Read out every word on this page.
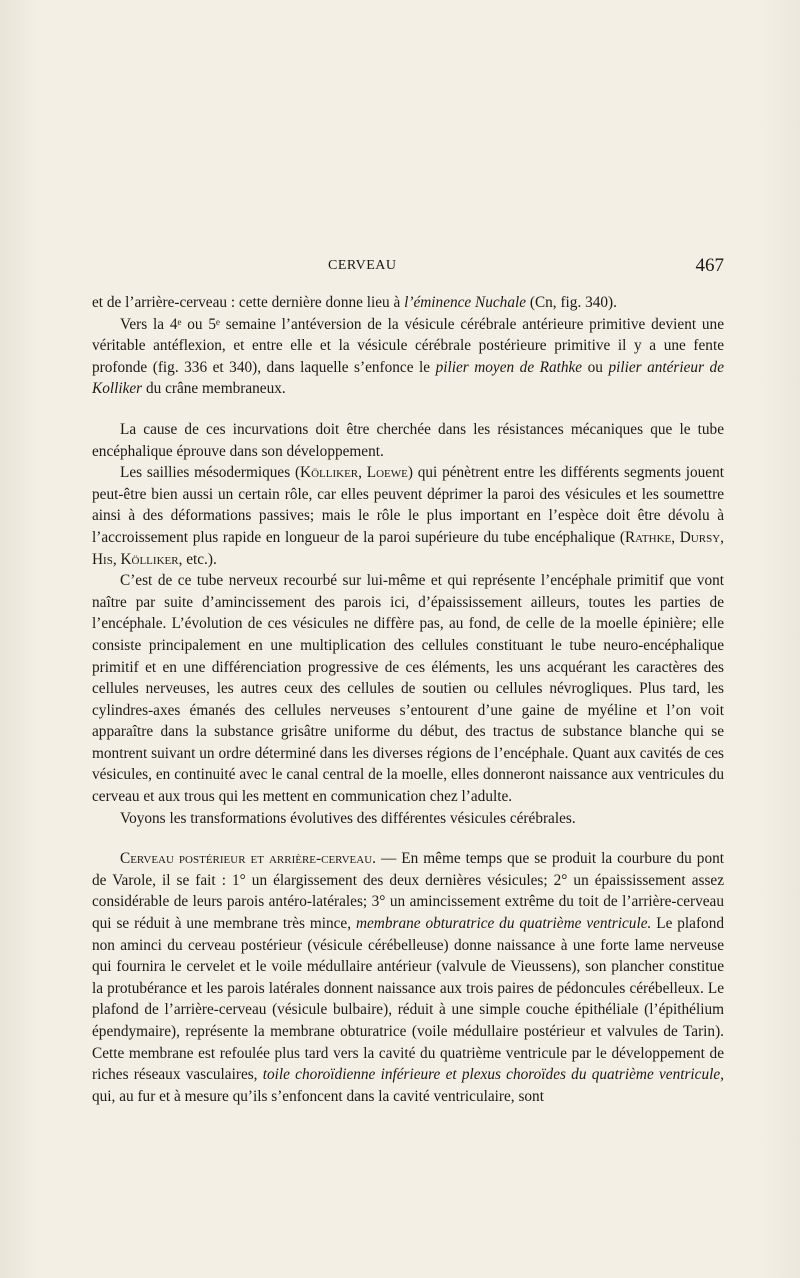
CERVEAU	467

et de l’arrière-cerveau : cette dernière donne lieu à l’éminence Nuchale (Cn, fig. 340).

Vers la 4ᵉ ou 5ᵉ semaine l’antéversion de la vésicule cérébrale antérieure primitive devient une véritable antéflexion, et entre elle et la vésicule cérébrale postérieure primitive il y a une fente profonde (fig. 336 et 340), dans laquelle s’enfonce le pilier moyen de Rathke ou pilier antérieur de Kolliker du crâne membraneux.

La cause de ces incurvations doit être cherchée dans les résistances mécaniques que le tube encéphalique éprouve dans son développement.

Les saillies mésodermiques (Kölliker, Loewe) qui pénètrent entre les différents segments jouent peut-être bien aussi un certain rôle, car elles peuvent déprimer la paroi des vésicules et les soumettre ainsi à des déformations passives; mais le rôle le plus important en l’espèce doit être dévolu à l’accroissement plus rapide en longueur de la paroi supérieure du tube encéphalique (Rathke, Dursy, His, Kölliker, etc.).

C’est de ce tube nerveux recourbé sur lui-même et qui représente l’encéphale primitif que vont naître par suite d’amincissement des parois ici, d’épaississement ailleurs, toutes les parties de l’encéphale. L’évolution de ces vésicules ne diffère pas, au fond, de celle de la moelle épinière; elle consiste principalement en une multiplication des cellules constituant le tube neuro-encéphalique primitif et en une différenciation progressive de ces éléments, les uns acquérant les caractères des cellules nerveuses, les autres ceux des cellules de soutien ou cellules névrogliques. Plus tard, les cylindres-axes émanés des cellules nerveuses s’entourent d’une gaine de myéline et l’on voit apparaître dans la substance grisâtre uniforme du début, des tractus de substance blanche qui se montrent suivant un ordre déterminé dans les diverses régions de l’encéphale. Quant aux cavités de ces vésicules, en continuité avec le canal central de la moelle, elles donneront naissance aux ventricules du cerveau et aux trous qui les mettent en communication chez l’adulte.

Voyons les transformations évolutives des différentes vésicules cérébrales.

Cerveau postérieur et arrière-cerveau. — En même temps que se produit la courbure du pont de Varole, il se fait : 1° un élargissement des deux dernières vésicules; 2° un épaississement assez considérable de leurs parois antéro-latérales; 3° un amincissement extrême du toit de l’arrière-cerveau qui se réduit à une membrane très mince, membrane obturatrice du quatrième ventricule. Le plafond non aminci du cerveau postérieur (vésicule cérébelleuse) donne naissance à une forte lame nerveuse qui fournira le cervelet et le voile médullaire antérieur (valvule de Vieussens), son plancher constitue la protubérance et les parois latérales donnent naissance aux trois paires de pédoncules cérébelleux. Le plafond de l’arrière-cerveau (vésicule bulbaire), réduit à une simple couche épithéliale (l’épithélium épendymaire), représente la membrane obturatrice (voile médullaire postérieur et valvules de Tarin). Cette membrane est refoulée plus tard vers la cavité du quatrième ventricule par le développement de riches réseaux vasculaires, toile choroïdienne inférieure et plexus choroïdes du quatrième ventricule, qui, au fur et à mesure qu’ils s’enfoncent dans la cavité ventriculaire, sont
